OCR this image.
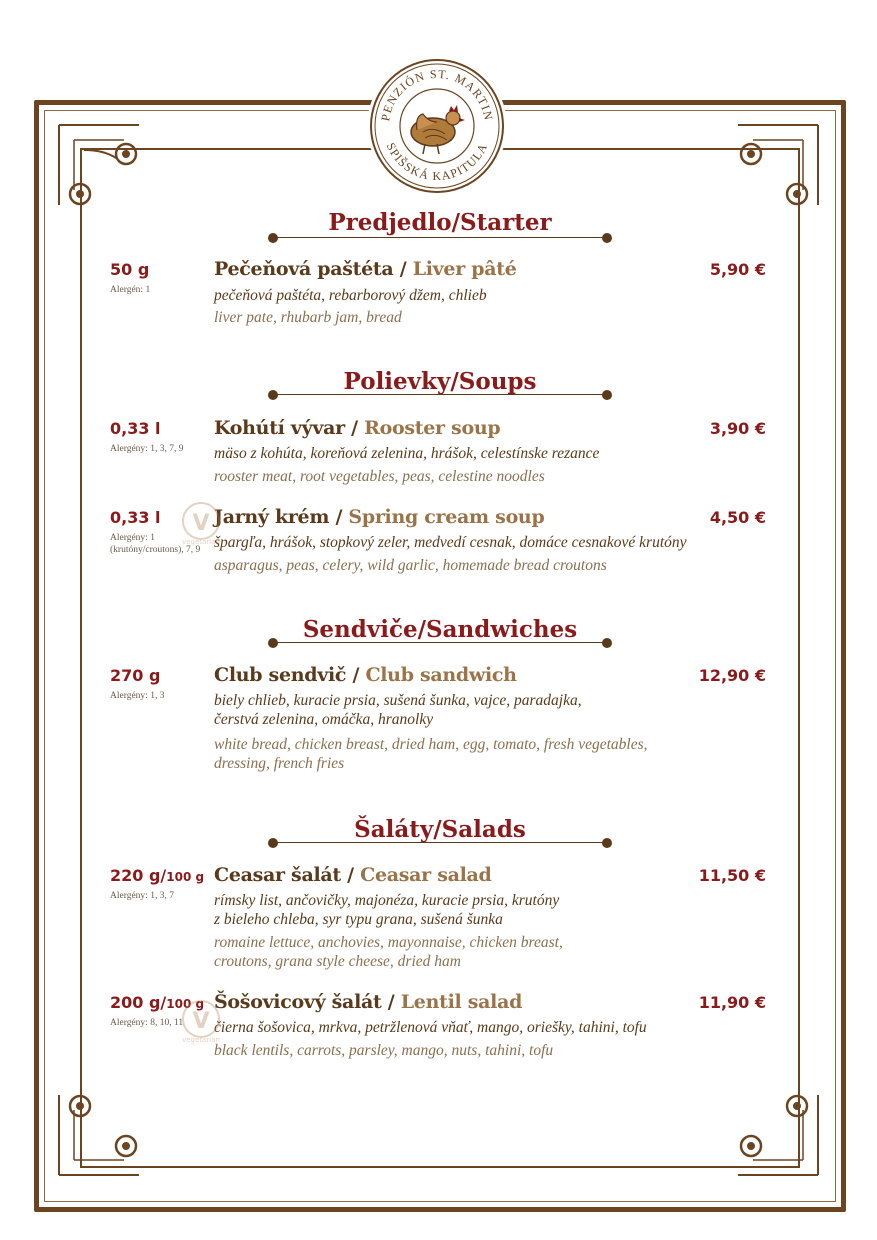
PENZIÓN ST. MARTIN
SPIŠSKÁ KAPITULA
Predjedlo/Starter
50 g
Alergén: 1
Pečeňová paštéta / Liver pâté	5,90 €
pečeňová paštéta, rebarborový džem, chlieb
liver pate, rhubarb jam, bread
Polievky/Soups
0,33 l
Alergény: 1, 3, 7, 9
Kohútí vývar / Rooster soup	3,90 €
mäso z kohúta, koreňová zelenina, hrášok, celestínske rezance
rooster meat, root vegetables, peas, celestine noodles
0,33 l
Alergény: 1 (krutóny/croutons), 7, 9
Jarný krém / Spring cream soup	4,50 €
špargľa, hrášok, stopkový zeler, medvedí cesnak, domáce cesnakové krutóny
asparagus, peas, celery, wild garlic, homemade bread croutons
V
vegetarian
Sendviče/Sandwiches
270 g
Alergény: 1, 3
Club sendvič / Club sandwich	12,90 €
biely chlieb, kuracie prsia, sušená šunka, vajce, paradajka,
čerstvá zelenina, omáčka, hranolky
white bread, chicken breast, dried ham, egg, tomato, fresh vegetables,
dressing, french fries
Šaláty/Salads
220 g/100 g
Alergény: 1, 3, 7
Ceasar šalát / Ceasar salad	11,50 €
rímsky list, ančovičky, majonéza, kuracie prsia, krutóny
z bieleho chleba, syr typu grana, sušená šunka
romaine lettuce, anchovies, mayonnaise, chicken breast,
croutons, grana style cheese, dried ham
200 g/100 g
Alergény: 8, 10, 11
Šošovicový šalát / Lentil salad	11,90 €
čierna šošovica, mrkva, petržlenová vňať, mango, oriešky, tahini, tofu
black lentils, carrots, parsley, mango, nuts, tahini, tofu
V
vegetarian
